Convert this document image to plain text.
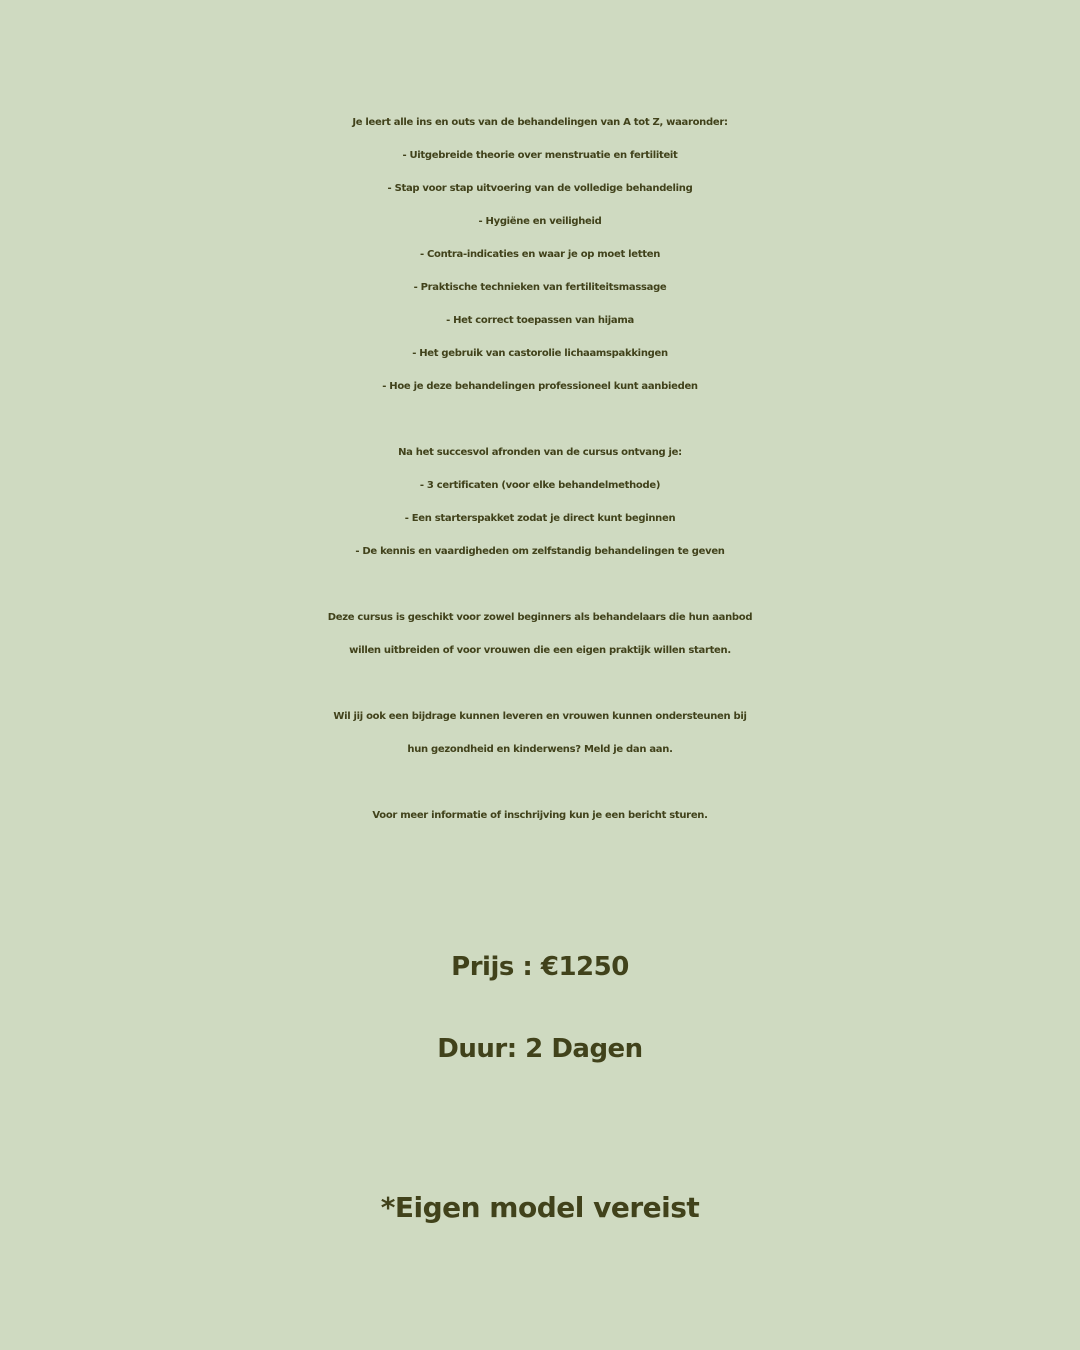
Je leert alle ins en outs van de behandelingen van A tot Z, waaronder:
- Uitgebreide theorie over menstruatie en fertiliteit
- Stap voor stap uitvoering van de volledige behandeling
- Hygiëne en veiligheid
- Contra-indicaties en waar je op moet letten
- Praktische technieken van fertiliteitsmassage
- Het correct toepassen van hijama
- Het gebruik van castorolie lichaamspakkingen
- Hoe je deze behandelingen professioneel kunt aanbieden
Na het succesvol afronden van de cursus ontvang je:
- 3 certificaten (voor elke behandelmethode)
- Een starterspakket zodat je direct kunt beginnen
- De kennis en vaardigheden om zelfstandig behandelingen te geven
Deze cursus is geschikt voor zowel beginners als behandelaars die hun aanbod
willen uitbreiden of voor vrouwen die een eigen praktijk willen starten.
Wil jij ook een bijdrage kunnen leveren en vrouwen kunnen ondersteunen bij
hun gezondheid en kinderwens? Meld je dan aan.
Voor meer informatie of inschrijving kun je een bericht sturen.
Prijs : €1250
Duur: 2 Dagen
*Eigen model vereist
